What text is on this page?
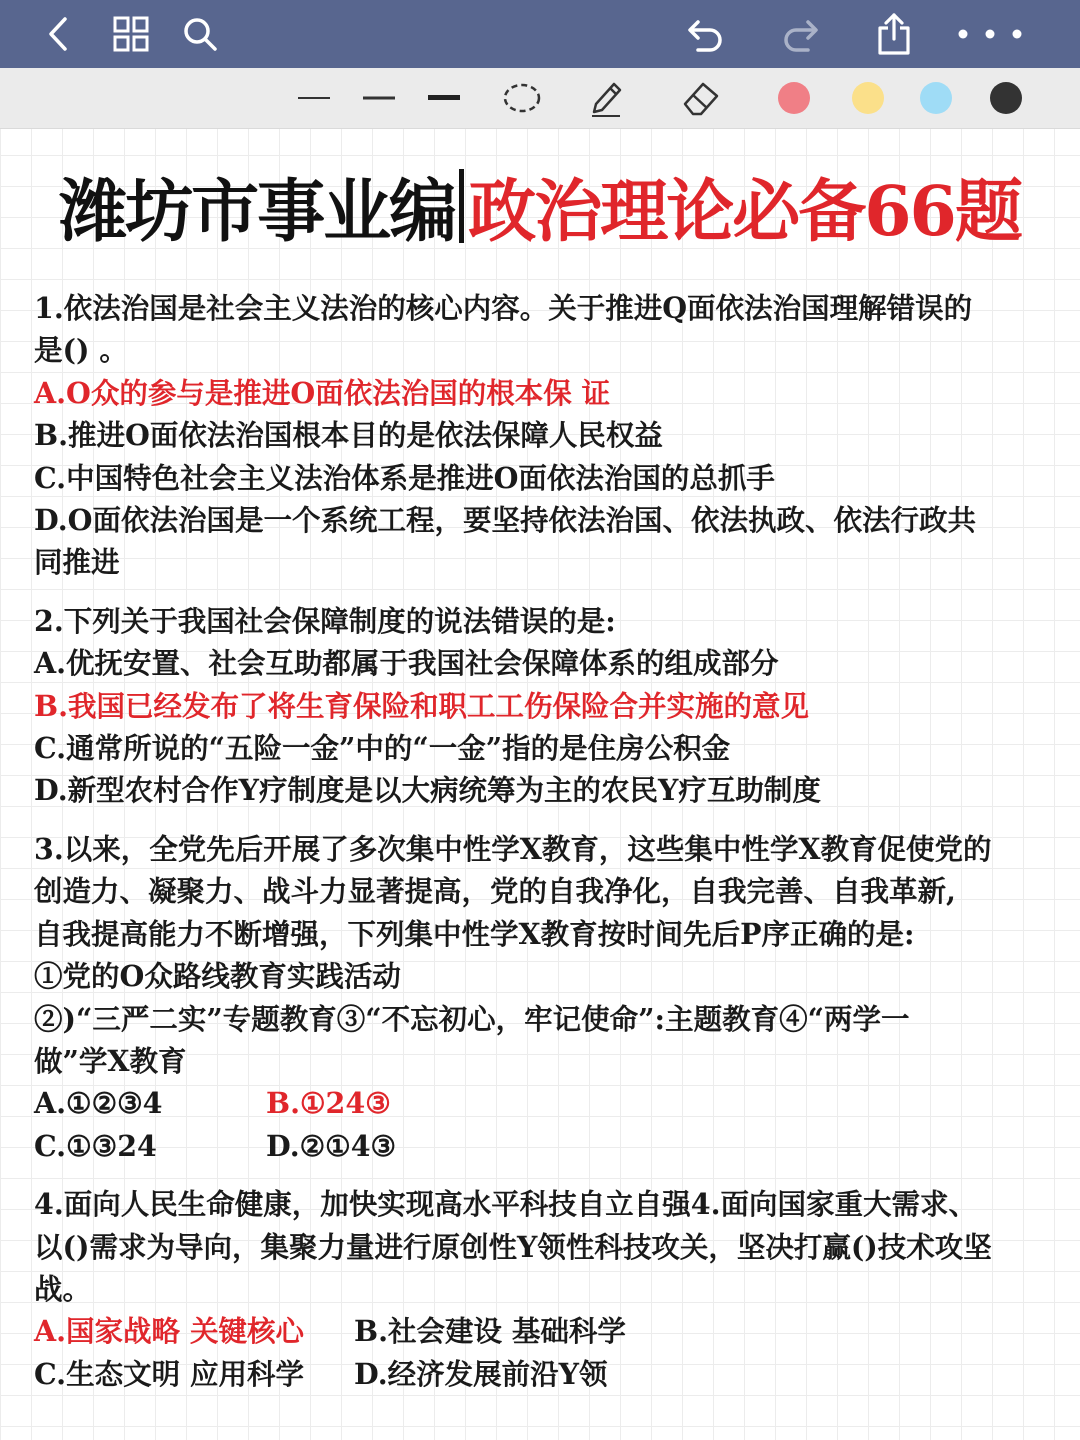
潍坊市事业编 政治理论必备66题

1.依法治国是社会主义法治的核心内容。关于推进Q面依法治国理解错误的

是() 。

A.O众的参与是推进O面依法治国的根本保 证

B.推进O面依法治国根本目的是依法保障人民权益

C.中国特色社会主义法治体系是推进O面依法治国的总抓手

D.O面依法治国是一个系统工程，要坚持依法治国、依法执政、依法行政共

同推进

2.下列关于我国社会保障制度的说法错误的是:

A.优抚安置、社会互助都属于我国社会保障体系的组成部分

B.我国已经发布了将生育保险和职工工伤保险合并实施的意见

C.通常所说的“五险一金”中的“一金”指的是住房公积金

D.新型农村合作Y疗制度是以大病统筹为主的农民Y疗互助制度

3.以来，全党先后开展了多次集中性学X教育，这些集中性学X教育促使党的

创造力、凝聚力、战斗力显著提高，党的自我净化，自我完善、自我革新,

自我提高能力不断增强，下列集中性学X教育按时间先后P序正确的是:

①党的O众路线教育实践活动

②)“三严二实”专题教育③“不忘初心，牢记使命”:主题教育④“两学一

做”学X教育

A.①②③4	B.①24③
C.①③24	D.②①4③

4.面向人民生命健康，加快实现高水平科技自立自强4.面向国家重大需求、

以()需求为导向，集聚力量进行原创性Y领性科技攻关，坚决打赢()技术攻坚

战。

A.国家战略 关键核心	B.社会建设 基础科学
C.生态文明 应用科学	D.经济发展前沿Y领
